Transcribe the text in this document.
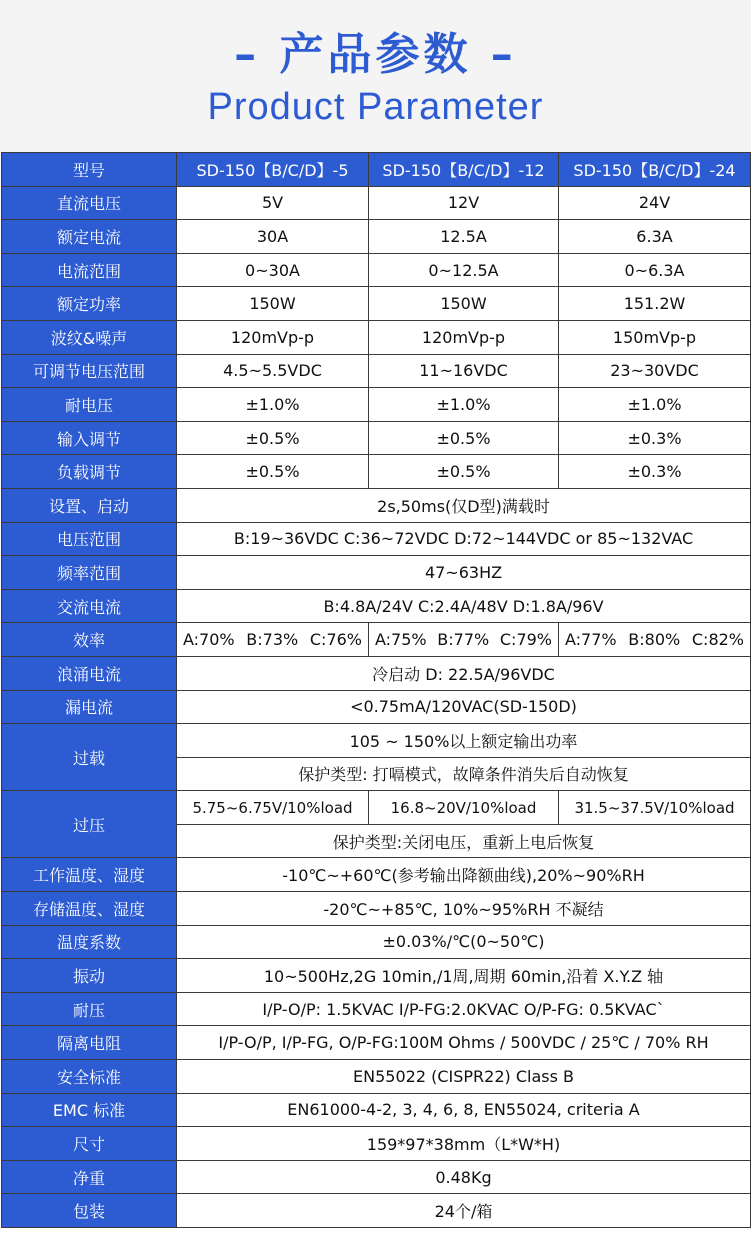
– 产品参数 –
Product Parameter
型号	SD-150【B/C/D】-5	SD-150【B/C/D】-12	SD-150【B/C/D】-24
直流电压	5V	12V	24V
额定电流	30A	12.5A	6.3A
电流范围	0~30A	0~12.5A	0~6.3A
额定功率	150W	150W	151.2W
波纹&噪声	120mVp-p	120mVp-p	150mVp-p
可调节电压范围	4.5~5.5VDC	11~16VDC	23~30VDC
耐电压	±1.0%	±1.0%	±1.0%
输入调节	±0.5%	±0.5%	±0.3%
负载调节	±0.5%	±0.5%	±0.3%
设置、启动	2s,50ms(仅D型)满载时		
电压范围	B:19~36VDC C:36~72VDC D:72~144VDC or 85~132VAC		
频率范围	47~63HZ		
交流电流	B:4.8A/24V C:2.4A/48V D:1.8A/96V		
效率	A:70% B:73% C:76%	A:75% B:77% C:79%	A:77% B:80% C:82%

浪涌电流	冷启动 D: 22.5A/96VDC		
漏电流	<0.75mA/120VAC(SD-150D)		
过载	105 ~ 150%以上额定输出功率		
	保护类型: 打嗝模式，故障条件消失后自动恢复		
过压	5.75~6.75V/10%load	16.8~20V/10%load	31.5~37.5V/10%load
	保护类型:关闭电压，重新上电后恢复		
工作温度、湿度	-10℃~+60℃(参考输出降额曲线),20%~90%RH		
存储温度、湿度	-20℃~+85℃, 10%~95%RH 不凝结		
温度系数	±0.03%/℃(0~50℃)		
振动	10~500Hz,2G 10min,/1周,周期 60min,沿着 X.Y.Z 轴		
耐压	I/P-O/P: 1.5KVAC I/P-FG:2.0KVAC O/P-FG: 0.5KVAC`		
隔离电阻	I/P-O/P, I/P-FG, O/P-FG:100M Ohms / 500VDC / 25℃ / 70% RH		
安全标准	EN55022 (CISPR22) Class B		
EMC 标准	EN61000-4-2, 3, 4, 6, 8, EN55024, criteria A		
尺寸	159*97*38mm（L*W*H)		
净重	0.48Kg		
包装	24个/箱		
